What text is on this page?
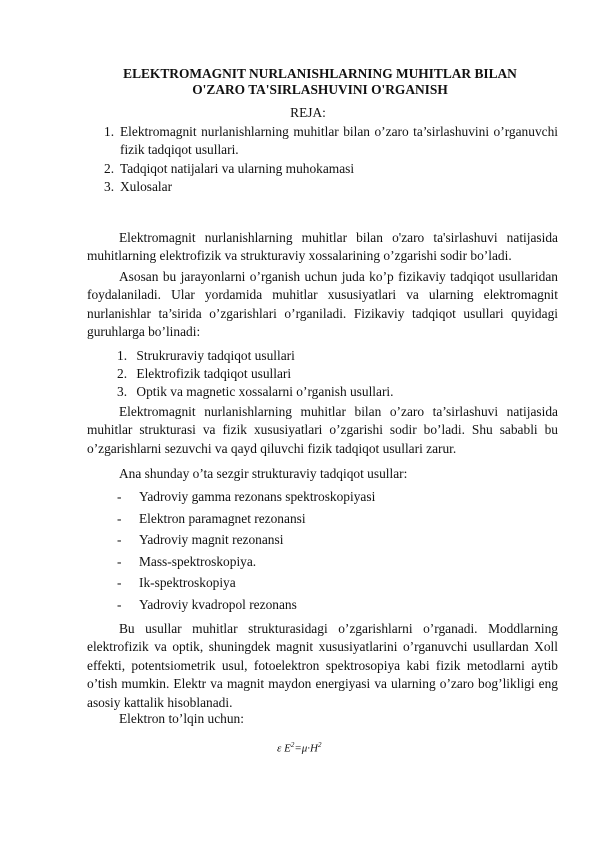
ELEKTROMAGNIT NURLANISHLARNING MUHITLAR BILAN
O'ZARO TA'SIRLASHUVINI O'RGANISH
REJA:
1. Elektromagnit nurlanishlarning muhitlar bilan o’zaro ta’sirlashuvini o’rganuvchi fizik tadqiqot usullari.
2. Tadqiqot natijalari va ularning muhokamasi
3. Xulosalar
Elektromagnit nurlanishlarning muhitlar bilan o'zaro ta'sirlashuvi natijasida muhitlarning elektrofizik va strukturaviy xossalarining o’zgarishi sodir bo’ladi.
Asosan bu jarayonlarni o’rganish uchun juda ko’p fizikaviy tadqiqot usullaridan foydalaniladi. Ular yordamida muhitlar xususiyatlari va ularning elektromagnit nurlanishlar ta’sirida o’zgarishlari o’rganiladi. Fizikaviy tadqiqot usullari quyidagi guruhlarga bo’linadi:
1. Strukruraviy tadqiqot usullari
2. Elektrofizik tadqiqot usullari
3. Optik va magnetic xossalarni o’rganish usullari.
Elektromagnit nurlanishlarning muhitlar bilan o’zaro ta’sirlashuvi natijasida muhitlar strukturasi va fizik xususiyatlari o’zgarishi sodir bo’ladi. Shu sababli bu o’zgarishlarni sezuvchi va qayd qiluvchi fizik tadqiqot usullari zarur.
Ana shunday o’ta sezgir strukturaviy tadqiqot usullar:
- Yadroviy gamma rezonans spektroskopiyasi
- Elektron paramagnet rezonansi
- Yadroviy magnit rezonansi
- Mass-spektroskopiya.
- Ik-spektroskopiya
- Yadroviy kvadropol rezonans
Bu usullar muhitlar strukturasidagi o’zgarishlarni o’rganadi. Moddlarning elektrofizik va optik, shuningdek magnit xususiyatlarini o’rganuvchi usullardan Xoll effekti, potentsiometrik usul, fotoelektron spektrosopiya kabi fizik metodlarni aytib o’tish mumkin. Elektr va magnit maydon energiyasi va ularning o’zaro bog’likligi eng asosiy kattalik hisoblanadi.
Elektron to’lqin uchun:
ε $E^2=\mu\cdot H^2$
